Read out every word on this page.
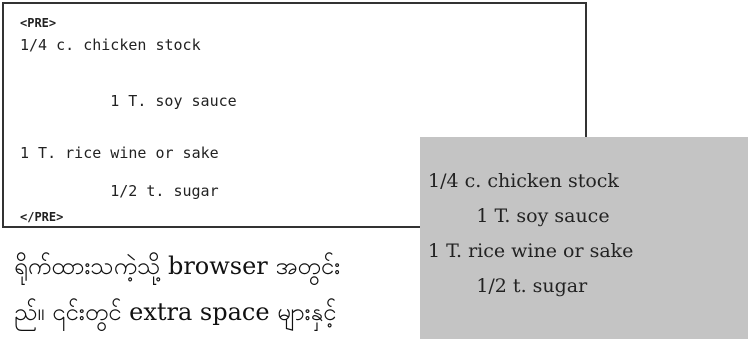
<PRE>
1/4 c. chicken stock
1 T. soy sauce
1 T. rice wine or sake
1/2 t. sugar
</PRE>
1/4 c. chicken stock
1 T. soy sauce
1 T. rice wine or sake
1/2 t. sugar
ရိုက်ထားသကဲ့သို့ browser အတွင်း
ည်။ ၎င်းတွင် extra space များနှင့်
